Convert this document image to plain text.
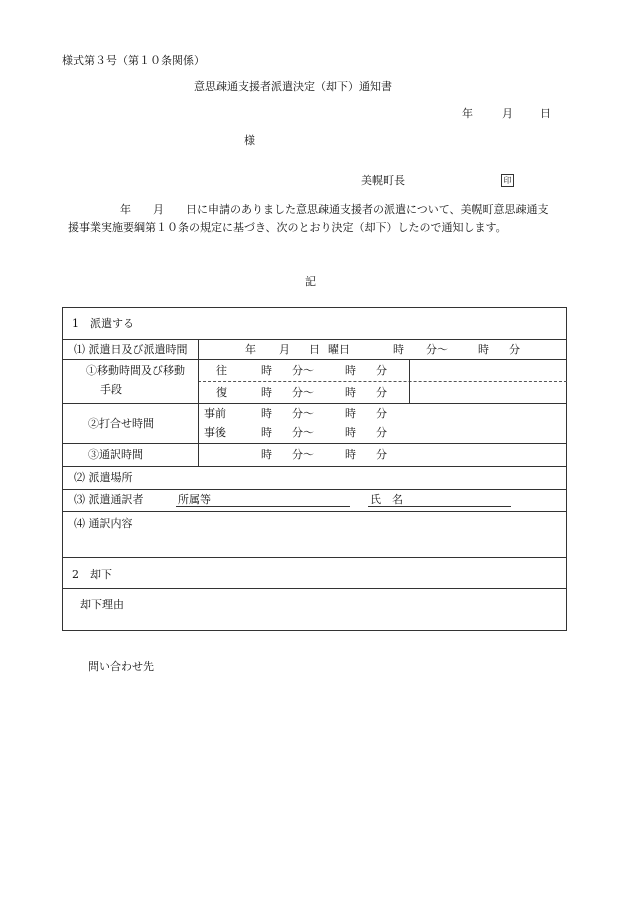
様式第３号（第１０条関係）
意思疎通支援者派遣決定（却下）通知書
年	月 日
様
美幌町長	印
年　　月　　日に申請のありました意思疎通支援者の派遣について、美幌町意思疎通支援事業実施要綱第１０条の規定に基づき、次のとおり決定（却下）したので通知します。
記
1　派遣する
⑴ 派遣日及び派遣時間	年 月 日 曜日	時 分〜	時 分
①移動時間及び移動
手段
往	時 分〜	時 分
復	時 分〜	時 分
②打合せ時間
事前	時 分〜	時 分
事後	時 分〜	時 分
③通訳時間	時 分〜	時 分
⑵ 派遣場所
⑶ 派遣通訳者	所属等	氏　名
⑷ 通訳内容
2　却下
却下理由
問い合わせ先
